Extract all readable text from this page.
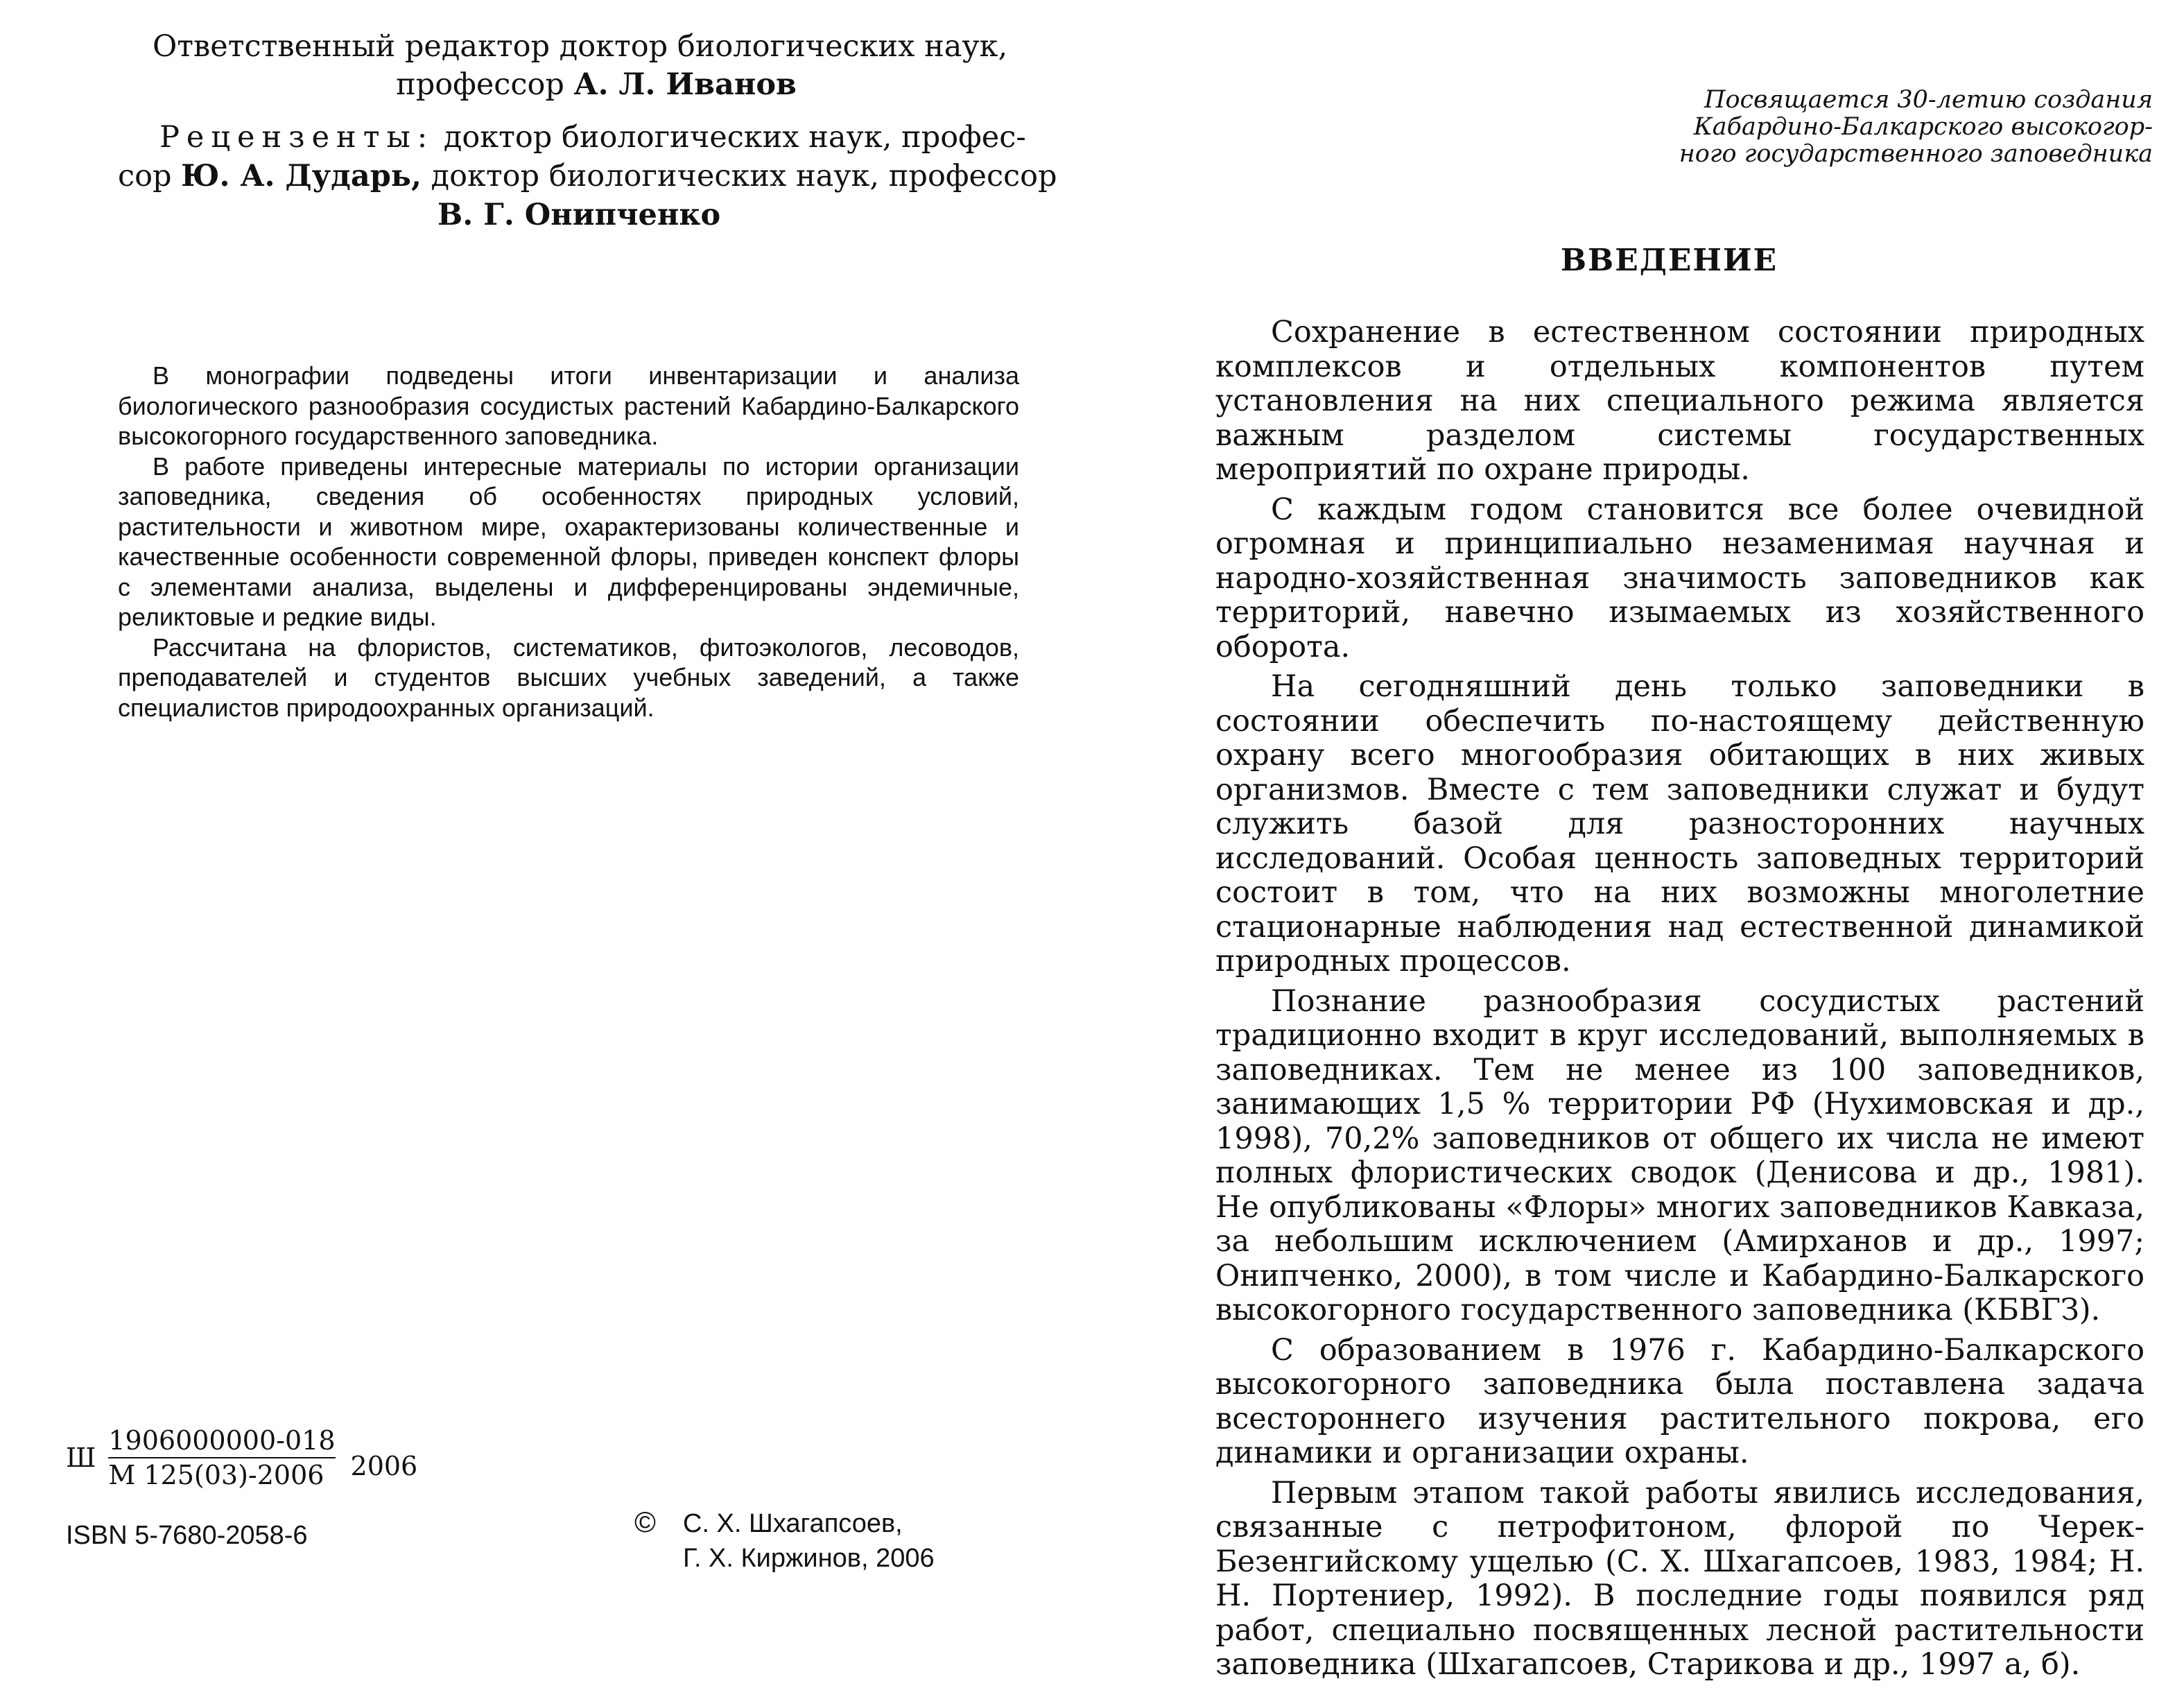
Ответственный редактор доктор биологических наук,
профессор А. Л. Иванов
Рецензенты: доктор биологических наук, профес-
сор Ю. А. Дударь, доктор биологических наук, профессор
В. Г. Онипченко

В монографии подведены итоги инвентаризации и анализа биологического разнообразия сосудистых растений Кабардино-Балкарского высокогорного государственного заповедника.

В работе приведены интересные материалы по истории организации заповедника, сведения об особенностях природных условий, растительности и животном мире, охарактеризованы количественные и качественные особенности современной флоры, приведен конспект флоры с элементами анализа, выделены и дифференцированы эндемичные, реликтовые и редкие виды.

Рассчитана на флористов, систематиков, фитоэкологов, лесоводов, преподавателей и студентов высших учебных заведений, а также специалистов природоохранных организаций.

Ш $\frac{1906000000-018}{М 125(03)-2006} 2006$
ISBN 5-7680-2058-6	© С. Х. Шхагапсоев,
Г. Х. Киржинов, 2006
Посвящается 30-летию создания
Кабардино-Балкарского высокогор-
ного государственного заповедника
ВВЕДЕНИЕ

Сохранение в естественном состоянии природных комплексов и отдельных компонентов путем установления на них специального режима является важным разделом системы государственных мероприятий по охране природы.

С каждым годом становится все более очевидной огромная и принципиально незаменимая научная и народно-хозяйственная значимость заповедников как территорий, навечно изымаемых из хозяйственного оборота.

На сегодняшний день только заповедники в состоянии обеспечить по-настоящему действенную охрану всего многообразия обитающих в них живых организмов. Вместе с тем заповедники служат и будут служить базой для разносторонних научных исследований. Особая ценность заповедных территорий состоит в том, что на них возможны многолетние стационарные наблюдения над естественной динамикой природных процессов.

Познание разнообразия сосудистых растений традиционно входит в круг исследований, выполняемых в заповедниках. Тем не менее из 100 заповедников, занимающих 1,5 % территории РФ (Нухимовская и др., 1998), 70,2% заповедников от общего их числа не имеют полных флористических сводок (Денисова и др., 1981). Не опубликованы «Флоры» многих заповедников Кавказа, за небольшим исключением (Амирханов и др., 1997; Онипченко, 2000), в том числе и Кабардино-Балкарского высокогорного государственного заповедника (КБВГЗ).

С образованием в 1976 г. Кабардино-Балкарского высокогорного заповедника была поставлена задача всестороннего изучения растительного покрова, его динамики и организации охраны.

Первым этапом такой работы явились исследования, связанные с петрофитоном, флорой по Черек-Безенгийскому ущелью (С. Х. Шхагапсоев, 1983, 1984; Н. Н. Портениер, 1992). В последние годы появился ряд работ, специально посвященных лесной растительности заповедника (Шхагапсоев, Старикова и др., 1997 а, б).
